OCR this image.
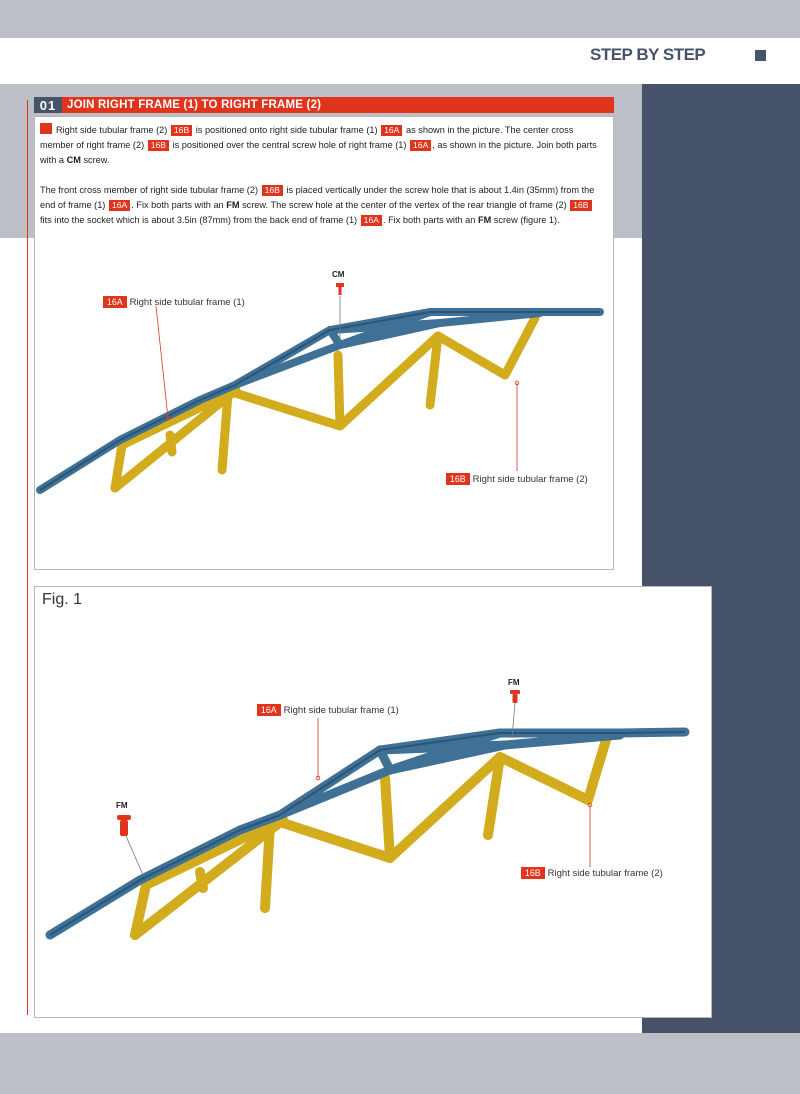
STEP BY STEP
01 JOIN RIGHT FRAME (1) TO RIGHT FRAME (2)

Right side tubular frame (2) 16B is positioned onto right side tubular frame (1) 16A as shown in the picture. The center cross member of right frame (2) 16B is positioned over the central screw hole of right frame (1) 16A , as shown in the picture. Join both parts with a CM screw.

The front cross member of right side tubular frame (2) 16B is placed vertically under the screw hole that is about 1.4in (35mm) from the end of frame (1) 16A . Fix both parts with an FM screw. The screw hole at the center of the vertex of the rear triangle of frame (2) 16B fits into the socket which is about 3.5in (87mm) from the back end of frame (1) 16A . Fix both parts with an FM screw (figure 1).

CM
16A Right side tubular frame (1)
16B Right side tubular frame (2)
Fig. 1
FM
FM
16A Right side tubular frame (1)
16B Right side tubular frame (2)
